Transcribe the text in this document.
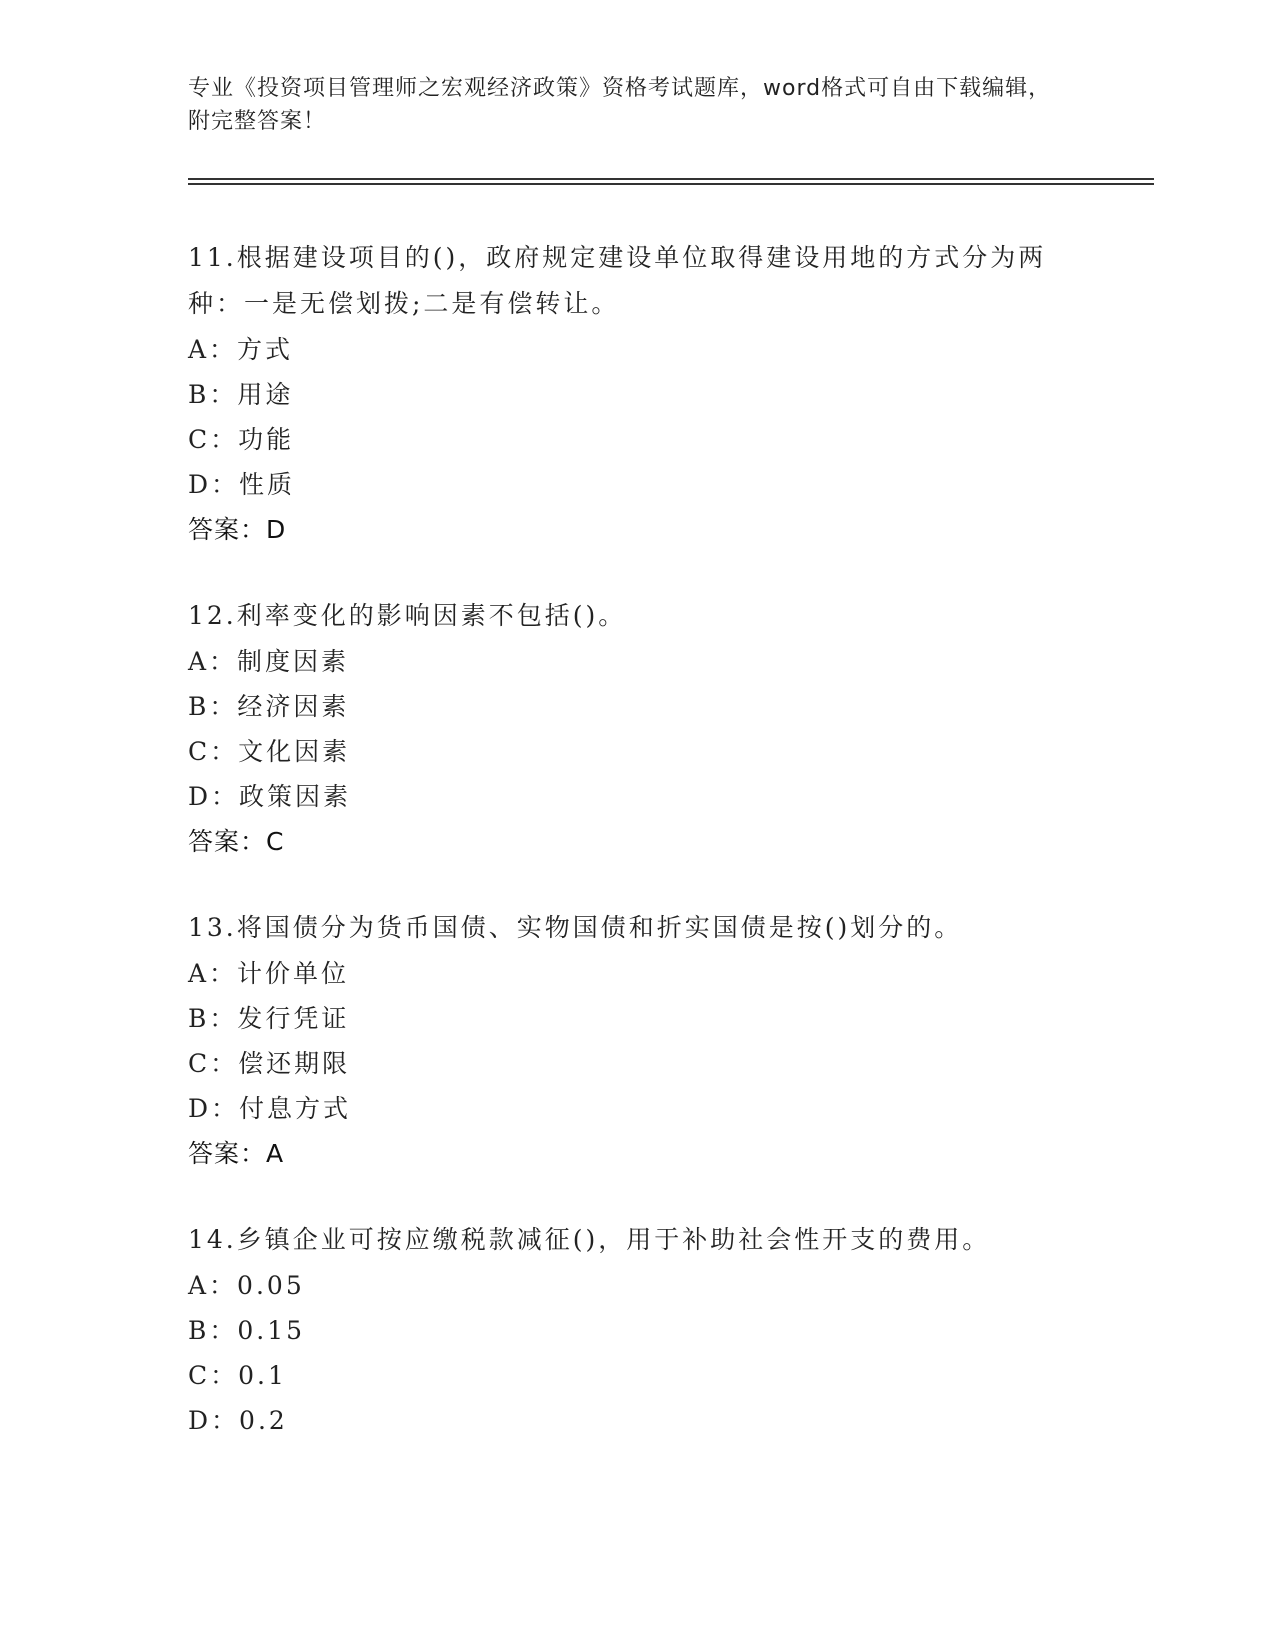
专业《投资项目管理师之宏观经济政策》资格考试题库，word格式可自由下载编辑，附完整答案！

11.根据建设项目的()，政府规定建设单位取得建设用地的方式分为两种：一是无偿划拨;二是有偿转让。

A：方式
B：用途
C：功能
D：性质
答案：D

12.利率变化的影响因素不包括()。

A：制度因素
B：经济因素
C：文化因素
D：政策因素
答案：C

13.将国债分为货币国债、实物国债和折实国债是按()划分的。

A：计价单位
B：发行凭证
C：偿还期限
D：付息方式
答案：A

14.乡镇企业可按应缴税款减征()，用于补助社会性开支的费用。

A：0.05
B：0.15
C：0.1
D：0.2
